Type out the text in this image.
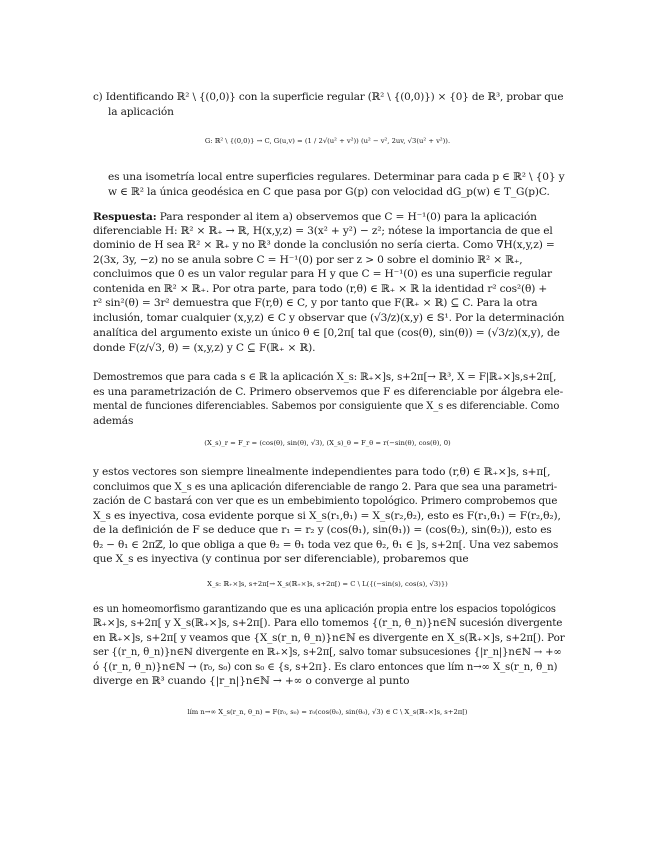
c) Identificando ℝ² \ {(0,0)} con la superficie regular (ℝ² \ {(0,0)}) × {0} de ℝ³, probar que
la aplicación
G: ℝ² \ {(0,0)} → C, G(u,v) = (1 / 2√(u² + v²)) (u² − v², 2uv, √3(u² + v²)).
es una isometría local entre superficies regulares. Determinar para cada p ∈ ℝ² \ {0} y
w ∈ ℝ² la única geodésica en C que pasa por G(p) con velocidad dG_p(w) ∈ T_G(p)C.
Respuesta: Para responder al item a) observemos que C = H⁻¹(0) para la aplicación
diferenciable H: ℝ² × ℝ₊ → ℝ, H(x,y,z) = 3(x² + y²) − z²; nótese la importancia de que el
dominio de H sea ℝ² × ℝ₊ y no ℝ³ donde la conclusión no sería cierta. Como ∇H(x,y,z) =
2(3x, 3y, −z) no se anula sobre C = H⁻¹(0) por ser z > 0 sobre el dominio ℝ² × ℝ₊,
concluimos que 0 es un valor regular para H y que C = H⁻¹(0) es una superficie regular
contenida en ℝ² × ℝ₊. Por otra parte, para todo (r,θ) ∈ ℝ₊ × ℝ la identidad r² cos²(θ) +
r² sin²(θ) = 3r² demuestra que F(r,θ) ∈ C, y por tanto que F(ℝ₊ × ℝ) ⊆ C. Para la otra
inclusión, tomar cualquier (x,y,z) ∈ C y observar que (√3/z)(x,y) ∈ 𝕊¹. Por la determinación
analítica del argumento existe un único θ ∈ [0,2π[ tal que (cos(θ), sin(θ)) = (√3/z)(x,y), de
donde F(z/√3, θ) = (x,y,z) y C ⊆ F(ℝ₊ × ℝ).
Demostremos que para cada s ∈ ℝ la aplicación X_s: ℝ₊×]s, s+2π[→ ℝ³, X = F|ℝ₊×]s,s+2π[,
es una parametrización de C. Primero observemos que F es diferenciable por álgebra ele-
mental de funciones diferenciables. Sabemos por consiguiente que X_s es diferenciable. Como
además
(X_s)_r = F_r = (cos(θ), sin(θ), √3), (X_s)_θ = F_θ = r(−sin(θ), cos(θ), 0)
y estos vectores son siempre linealmente independientes para todo (r,θ) ∈ ℝ₊×]s, s+π[,
concluimos que X_s es una aplicación diferenciable de rango 2. Para que sea una parametri-
zación de C bastará con ver que es un embebimiento topológico. Primero comprobemos que
X_s es inyectiva, cosa evidente porque si X_s(r₁,θ₁) = X_s(r₂,θ₂), esto es F(r₁,θ₁) = F(r₂,θ₂),
de la definición de F se deduce que r₁ = r₂ y (cos(θ₁), sin(θ₁)) = (cos(θ₂), sin(θ₂)), esto es
θ₂ − θ₁ ∈ 2πℤ, lo que obliga a que θ₂ = θ₁ toda vez que θ₂, θ₁ ∈ ]s, s+2π[. Una vez sabemos
que X_s es inyectiva (y continua por ser diferenciable), probaremos que
X_s: ℝ₊×]s, s+2π[→ X_s(ℝ₊×]s, s+2π[) = C \ L({(−sin(s), cos(s), √3)})
es un homeomorfismo garantizando que es una aplicación propia entre los espacios topológicos
ℝ₊×]s, s+2π[ y X_s(ℝ₊×]s, s+2π[). Para ello tomemos {(r_n, θ_n)}n∈ℕ sucesión divergente
en ℝ₊×]s, s+2π[ y veamos que {X_s(r_n, θ_n)}n∈ℕ es divergente en X_s(ℝ₊×]s, s+2π[). Por
ser {(r_n, θ_n)}n∈ℕ divergente en ℝ₊×]s, s+2π[, salvo tomar subsucesiones {|r_n|}n∈ℕ → +∞
ó {(r_n, θ_n)}n∈ℕ → (r₀, s₀) con s₀ ∈ {s, s+2π}. Es claro entonces que lím n→∞ X_s(r_n, θ_n)
diverge en ℝ³ cuando {|r_n|}n∈ℕ → +∞ o converge al punto
lím n→∞ X_s(r_n, θ_n) = F(r₀, s₀) = r₀(cos(θ₀), sin(θ₀), √3) ∈ C \ X_s(ℝ₊×]s, s+2π[)
